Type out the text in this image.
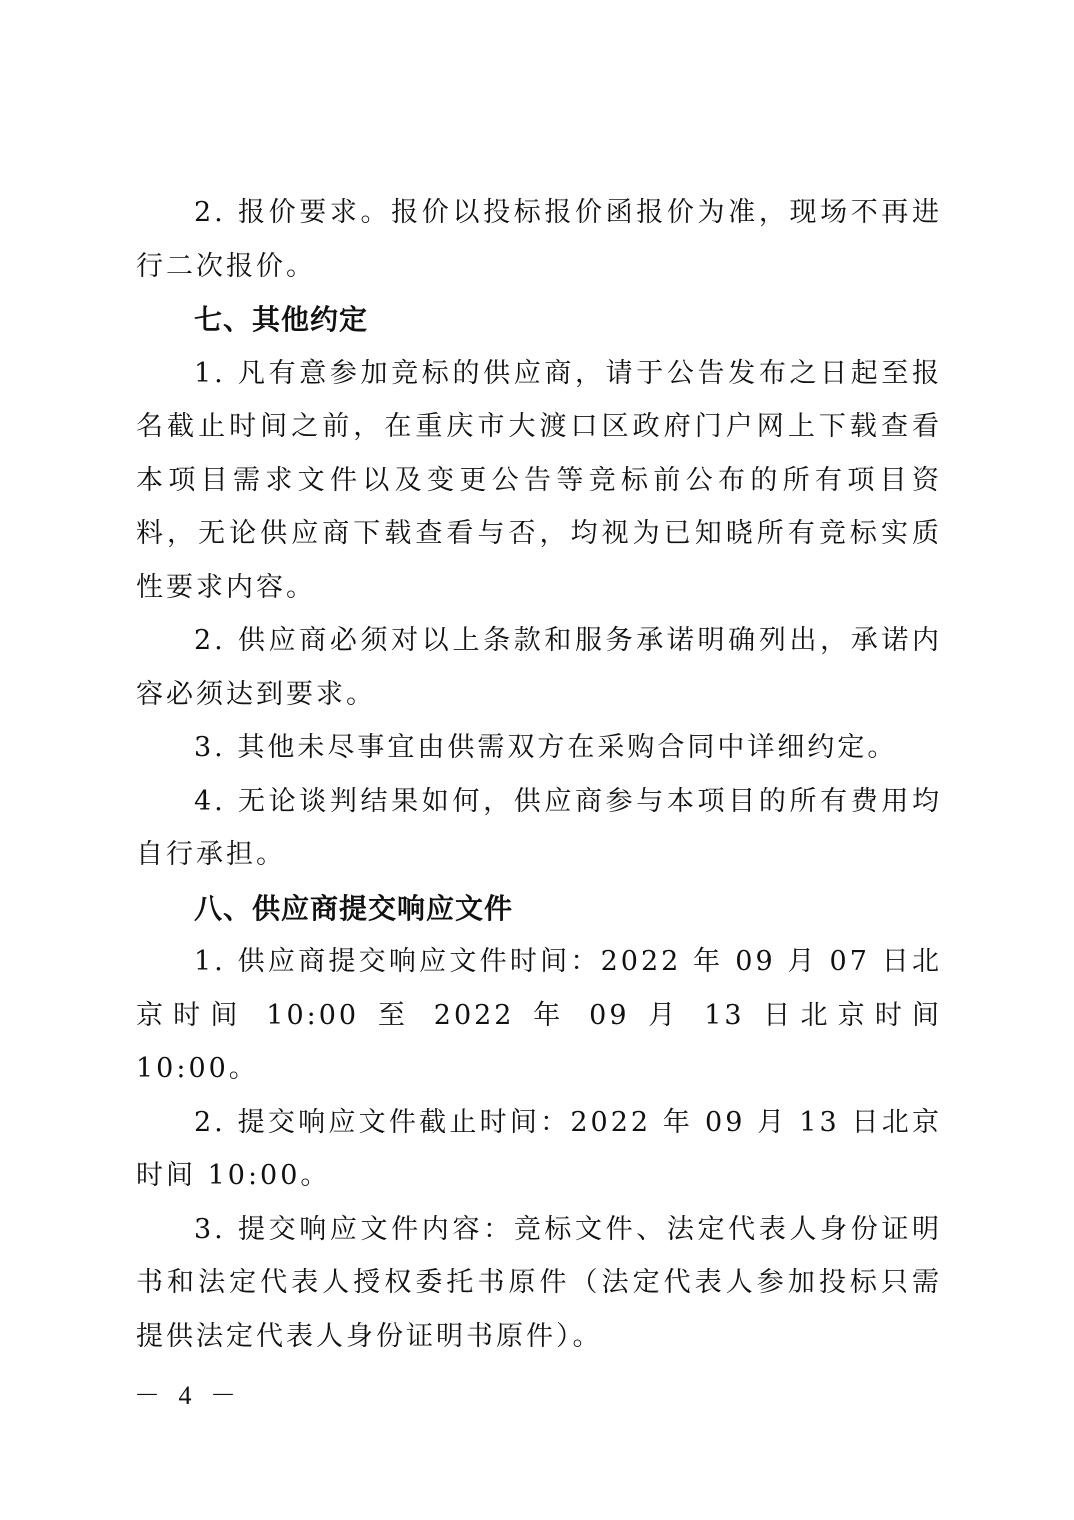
2. 报价要求。报价以投标报价函报价为准，现场不再进行二次报价。

七、其他约定

1. 凡有意参加竞标的供应商，请于公告发布之日起至报名截止时间之前，在重庆市大渡口区政府门户网上下载查看本项目需求文件以及变更公告等竞标前公布的所有项目资料，无论供应商下载查看与否，均视为已知晓所有竞标实质性要求内容。

2. 供应商必须对以上条款和服务承诺明确列出，承诺内容必须达到要求。

3. 其他未尽事宜由供需双方在采购合同中详细约定。

4. 无论谈判结果如何，供应商参与本项目的所有费用均自行承担。

八、供应商提交响应文件

1. 供应商提交响应文件时间：2022 年 09 月 07 日北京时间 10:00 至 2022 年 09 月 13 日北京时间 10:00。

2. 提交响应文件截止时间：2022 年 09 月 13 日北京时间 10:00。

3. 提交响应文件内容：竞标文件、法定代表人身份证明书和法定代表人授权委托书原件（法定代表人参加投标只需提供法定代表人身份证明书原件）。

－ 4 －
